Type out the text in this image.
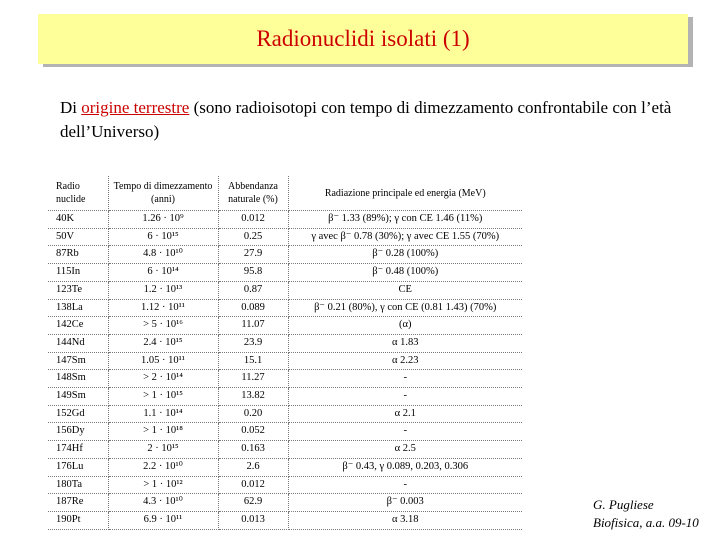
Radionuclidi isolati (1)
Di origine terrestre (sono radioisotopi con tempo di dimezzamento confrontabile con l’età dell’Universo)
Radio nuclide	Tempo di dimezzamento (anni)	Abbendanza naturale (%)	Radiazione principale ed energia (MeV)
40K	1.26 · 10⁹	0.012	β⁻ 1.33 (89%); γ con CE 1.46 (11%)
50V	6 · 10¹⁵	0.25	γ avec β⁻ 0.78 (30%); γ avec CE 1.55 (70%)
87Rb	4.8 · 10¹⁰	27.9	β⁻ 0.28 (100%)
115In	6 · 10¹⁴	95.8	β⁻ 0.48 (100%)
123Te	1.2 · 10¹³	0.87	CE
138La	1.12 · 10¹¹	0.089	β⁻ 0.21 (80%), γ con CE (0.81 1.43) (70%)
142Ce	> 5 · 10¹⁶	11.07	(α)
144Nd	2.4 · 10¹⁵	23.9	α 1.83
147Sm	1.05 · 10¹¹	15.1	α 2.23
148Sm	> 2 · 10¹⁴	11.27	-
149Sm	> 1 · 10¹⁵	13.82	-
152Gd	1.1 · 10¹⁴	0.20	α 2.1
156Dy	> 1 · 10¹⁸	0.052	-
174Hf	2 · 10¹⁵	0.163	α 2.5
176Lu	2.2 · 10¹⁰	2.6	β⁻ 0.43, γ 0.089, 0.203, 0.306
180Ta	> 1 · 10¹²	0.012	-
187Re	4.3 · 10¹⁰	62.9	β⁻ 0.003
190Pt	6.9 · 10¹¹	0.013	α 3.18
G. Pugliese
Biofisica, a.a. 09-10
